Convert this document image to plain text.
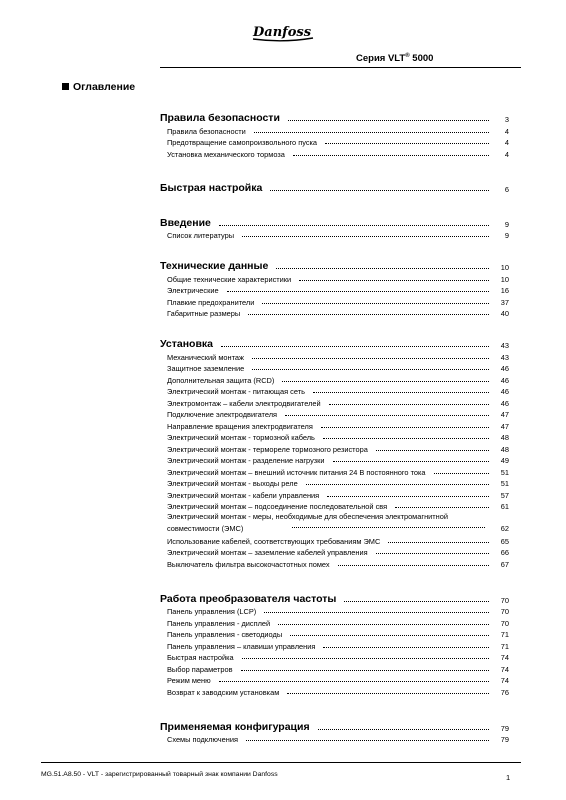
Danfoss
Серия VLT® 5000
Оглавление
Правила безопасности	3
Правила безопасности	4
Предотвращение самопроизвольного пуска	4
Установка механического тормоза	4
Быстрая настройка	6
Введение	9
Список литературы	9
Технические данные	10
Общие технические характеристики	10
Электрические	16
Плавкие предохранители	37
Габаритные размеры	40
Установка	43
Механический монтаж	43
Защитное заземление	46
Дополнительная защита (RCD)	46
Электрический монтаж - питающая сеть	46
Электромонтаж – кабели электродвигателей	46
Подключение электродвигателя	47
Направление вращения электродвигателя	47
Электрический монтаж - тормозной кабель	48
Электрический монтаж - термореле тормозного резистора	48
Электрический монтаж - разделение нагрузки	49
Электрический монтаж – внешний источник питания 24 В постоянного тока	51
Электрический монтаж - выходы реле	51
Электрический монтаж - кабели управления	57
Электрический монтаж – подсоединение последовательной свя	61
Электрический монтаж - меры, необходимые для обеспечения электромагнитной совместимости (ЭМС)	62
Использование кабелей, соответствующих требованиям ЭМС	65
Электрический монтаж – заземление кабелей управления	66
Выключатель фильтра высокочастотных помех	67
Работа преобразователя частоты	70
Панель управления (LCP)	70
Панель управления - дисплей	70
Панель управления - светодиоды	71
Панель управления – клавиши управления	71
Быстрая настройка	74
Выбор параметров	74
Режим меню	74
Возврат к заводским установкам	76
Применяемая конфигурация	79
Схемы подключения	79
MG.51.A8.50 - VLT - зарегистрированный товарный знак компании Danfoss	1
